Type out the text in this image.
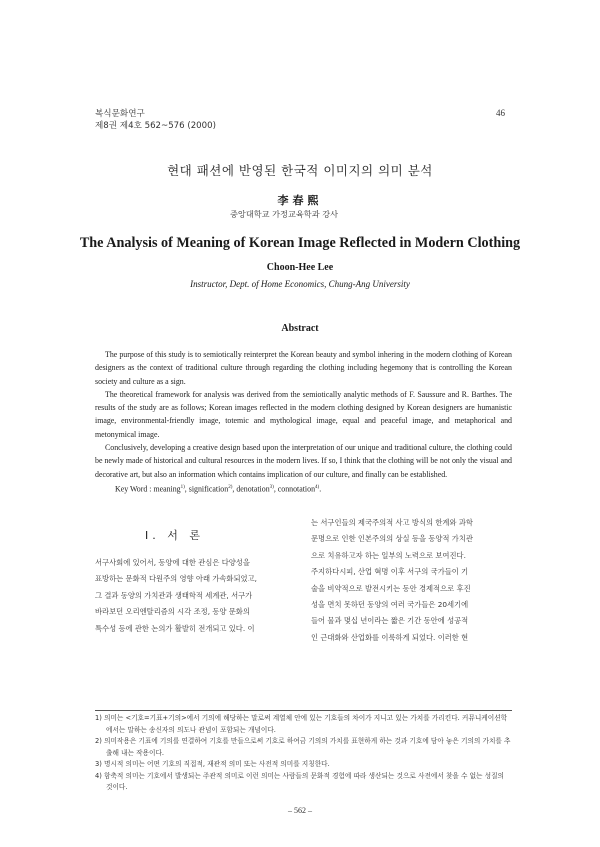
복식문화연구
제8권 제4호 562~576 (2000)
46
현대 패션에 반영된 한국적 이미지의 의미 분석
李春熙
중앙대학교 가정교육학과 강사
The Analysis of Meaning of Korean Image Reflected in Modern Clothing
Choon-Hee Lee
Instructor, Dept. of Home Economics, Chung-Ang University
Abstract

The purpose of this study is to semiotically reinterpret the Korean beauty and symbol inhering in the modern clothing of Korean designers as the context of traditional culture through regarding the clothing including hegemony that is controlling the Korean society and culture as a sign.

The theoretical framework for analysis was derived from the semiotically analytic methods of F. Saussure and R. Barthes. The results of the study are as follows; Korean images reflected in the modern clothing designed by Korean designers are humanistic image, environmental-friendly image, totemic and mythological image, equal and peaceful image, and metaphorical and metonymical image.

Conclusively, developing a creative design based upon the interpretation of our unique and traditional culture, the clothing could be newly made of historical and cultural resources in the modern lives. If so, I think that the clothing will be not only the visual and decorative art, but also an information which contains implication of our culture, and finally can be established.

Key Word : meaning$^{1)}$, signification$^{2)}$, denotation$^{3)}$, connotation$^{4)}$.

Ⅰ. 서 론
서구사회에 있어서, 동양에 대한 관심은 다양성을
표방하는 문화적 다원주의 영향 아래 가속화되었고,
그 결과 동양의 가치관과 생태학적 세계관, 서구가
바라보던 오리엔탈리즘의 시각 조정, 동양 문화의
특수성 등에 관한 논의가 활발히 전개되고 있다. 이
는 서구인들의 제국주의적 사고 방식의 한계와 과학
문명으로 인한 인본주의의 상실 등을 동양적 가치관
으로 치유하고자 하는 일부의 노력으로 보여진다.
주지하다시피, 산업 혁명 이후 서구의 국가들이 기
술을 비약적으로 발전시키는 동안 경제적으로 후진
성을 면치 못하던 동양의 여러 국가들은 20세기에
들어 물과 몇십 년이라는 짧은 기간 동안에 성공적
인 근대화와 산업화를 이룩하게 되었다. 이러한 현

1) 의미는 <기호=기표+기의>에서 기의에 해당하는 말로써 계열체 안에 있는 기호들의 차이가 지니고 있는 가치를 가리킨다. 커뮤니케이션학에서는 말하는 송신자의 의도나 관념이 포함되는 개념이다.

2) 의미작용은 기표에 기의를 연결하여 기호를 만들으로써 기호로 하여금 기의의 가치를 표현하게 하는 것과 기호에 담아 놓은 기의의 가치를 추출해 내는 작용이다.

3) 명시적 의미는 어떤 기호의 직접적, 재관적 의미 또는 사전적 의미를 지칭한다.

4) 함축적 의미는 기호에서 발생되는 주관적 의미로 이런 의미는 사람들의 문화적 경험에 따라 생산되는 것으로 사전에서 찾을 수 없는 성질의 것이다.

– 562 –
